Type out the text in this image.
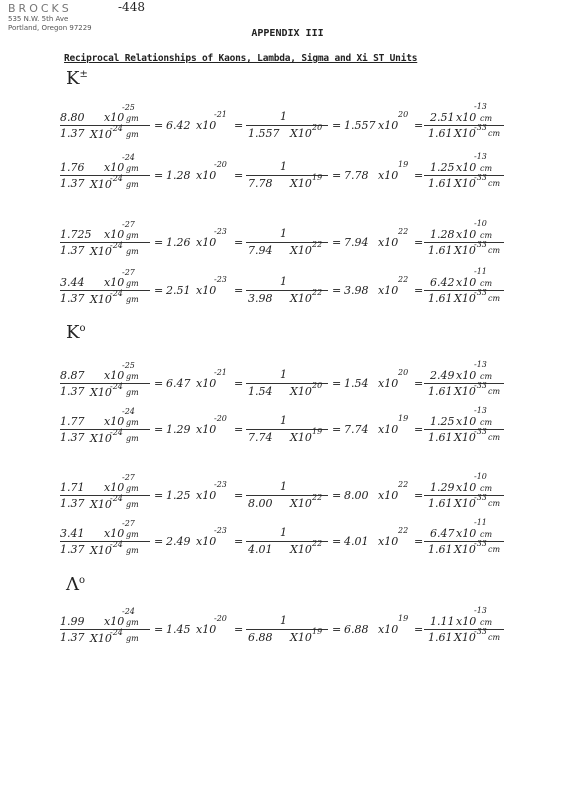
BROCKS
535 N.W. 5th Ave
Portland, Oregon 97229
-448
APPENDIX III
Reciprocal Relationships of Kaons, Lambda, Sigma and Xi ST Units
K±
8.80 x10
-25
gm
1.37 X10
-24
gm
= 6.42 x10
-21
=
1
1.557 X10 20 = 1.557 x10
20
=
2.51 x10
-13
cm
1.61 X10
-33
cm
1.76 x10
-24
gm
1.37 X10
-24
gm
= 1.28 x10
-20
=
1
7.78 X10 19 = 7.78 x10
19
=
1.25 x10
-13
cm
1.61 X10
-33
cm
1.725 x10
-27
gm
1.37 X10
-24
gm
= 1.26 x10
-23
=
1
7.94 X10 22 = 7.94 x10
22
=
1.28 x10
-10
cm
1.61 X10
-33
cm
3.44 x10
-27
gm
1.37 X10
-24
gm
= 2.51 x10
-23
=
1
3.98 X10 22 = 3.98 x10
22
=
6.42 x10
-11
cm
1.61 X10
-33
cm
$K^o$
8.87 x10
-25
gm
1.37 X10
-24
gm
= 6.47 x10
-21
=
1
1.54 X10 20 = 1.54 x10
20
=
2.49 x10
-13
cm
1.61 X10
-33
cm
1.77 x10
-24
gm
1.37 X10
-24
gm
= 1.29 x10
-20
=
1
7.74 X10 19 = 7.74 x10
19
=
1.25 x10
-13
cm
1.61 X10
-33
cm
1.71 x10
-27
gm
1.37 X10
-24
gm
= 1.25 x10
-23
=
1
8.00 X10 22 = 8.00 x10
22
=
1.29 x10
-10
cm
1.61 X10
-33
cm
3.41 x10
-27
gm
1.37 X10
-24
gm
= 2.49 x10
-23
=
1
4.01 X10 22 = 4.01 x10
22
=
6.47 x10
-11
cm
1.61 X10
-33
cm
$\Lambda^o$
1.99 x10
-24
gm
1.37 X10
-24
gm
= 1.45 x10
-20
=
1
6.88 X10 19 = 6.88 x10
19
=
1.11 x10
-13
cm
1.61 X10
-33
cm
